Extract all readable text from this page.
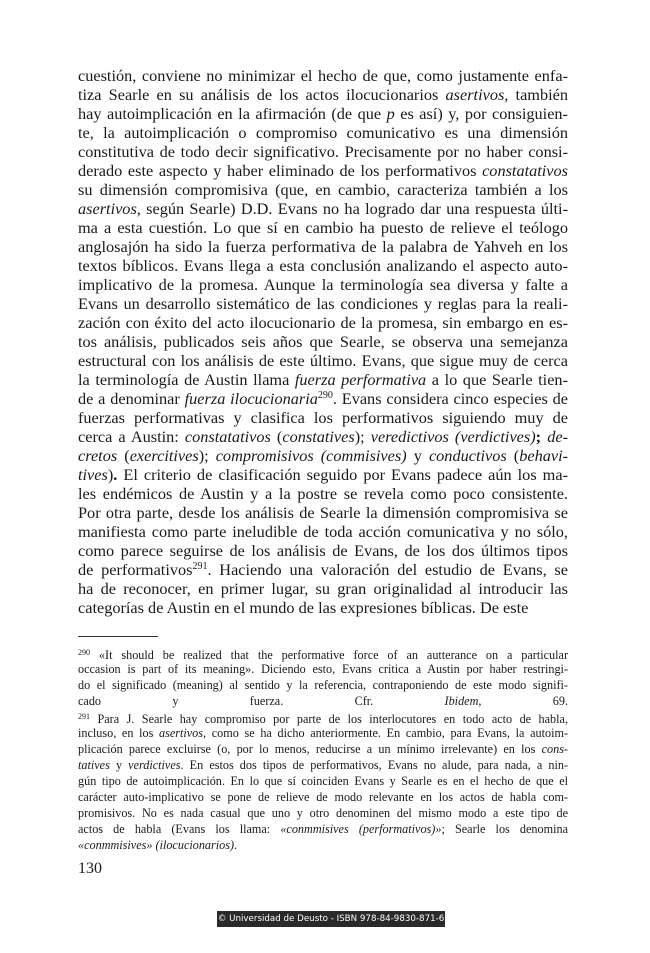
cuestión, conviene no minimizar el hecho de que, como justamente enfa-
tiza Searle en su análisis de los actos ilocucionarios asertivos, también
hay autoimplicación en la afirmación (de que p es así) y, por consiguien-
te, la autoimplicación o compromiso comunicativo es una dimensión
constitutiva de todo decir significativo. Precisamente por no haber consi-
derado este aspecto y haber eliminado de los performativos constatativos
su dimensión compromisiva (que, en cambio, caracteriza también a los
asertivos, según Searle) D.D. Evans no ha logrado dar una respuesta últi-
ma a esta cuestión. Lo que sí en cambio ha puesto de relieve el teólogo
anglosajón ha sido la fuerza performativa de la palabra de Yahveh en los
textos bíblicos. Evans llega a esta conclusión analizando el aspecto auto-
implicativo de la promesa. Aunque la terminología sea diversa y falte a
Evans un desarrollo sistemático de las condiciones y reglas para la reali-
zación con éxito del acto ilocucionario de la promesa, sin embargo en es-
tos análisis, publicados seis años que Searle, se observa una semejanza
estructural con los análisis de este último. Evans, que sigue muy de cerca
la terminología de Austin llama fuerza performativa a lo que Searle tien-
de a denominar fuerza ilocucionaria$^{290}$. Evans considera cinco especies de
fuerzas performativas y clasifica los performativos siguiendo muy de
cerca a Austin: constatativos (constatives); veredictivos (verdictives); de-
cretos (exercitives); compromisivos (commisives) y conductivos (behavi-
tives). El criterio de clasificación seguido por Evans padece aún los ma-
les endémicos de Austin y a la postre se revela como poco consistente.
Por otra parte, desde los análisis de Searle la dimensión compromisiva se
manifiesta como parte ineludible de toda acción comunicativa y no sólo,
como parece seguirse de los análisis de Evans, de los dos últimos tipos
de performativos$^{291}$. Haciendo una valoración del estudio de Evans, se
ha de reconocer, en primer lugar, su gran originalidad al introducir las
categorías de Austin en el mundo de las expresiones bíblicas. De este
$^{290}$ «It should be realized that the performative force of an autterance on a particular
occasion is part of its meaning». Diciendo esto, Evans critica a Austin por haber restringi-
do el significado (meaning) al sentido y la referencia, contraponiendo de este modo signifi-
cado y fuerza. Cfr. Ibidem, 69.
$^{291}$ Para J. Searle hay compromiso por parte de los interlocutores en todo acto de habla,
incluso, en los asertivos, como se ha dicho anteriormente. En cambio, para Evans, la autoim-
plicación parece excluirse (o, por lo menos, reducirse a un mínimo irrelevante) en los cons-
tatives y verdictives. En estos dos tipos de performativos, Evans no alude, para nada, a nin-
gún tipo de autoimplicación. En lo que sí coinciden Evans y Searle es en el hecho de que el
carácter auto-implicativo se pone de relieve de modo relevante en los actos de habla com-
promisivos. No es nada casual que uno y otro denominen del mismo modo a este tipo de
actos de habla (Evans los llama: «conmmisives (performativos)»; Searle los denomina
«conmmisives» (ilocucionarios).
130
© Universidad de Deusto - ISBN 978-84-9830-871-6
